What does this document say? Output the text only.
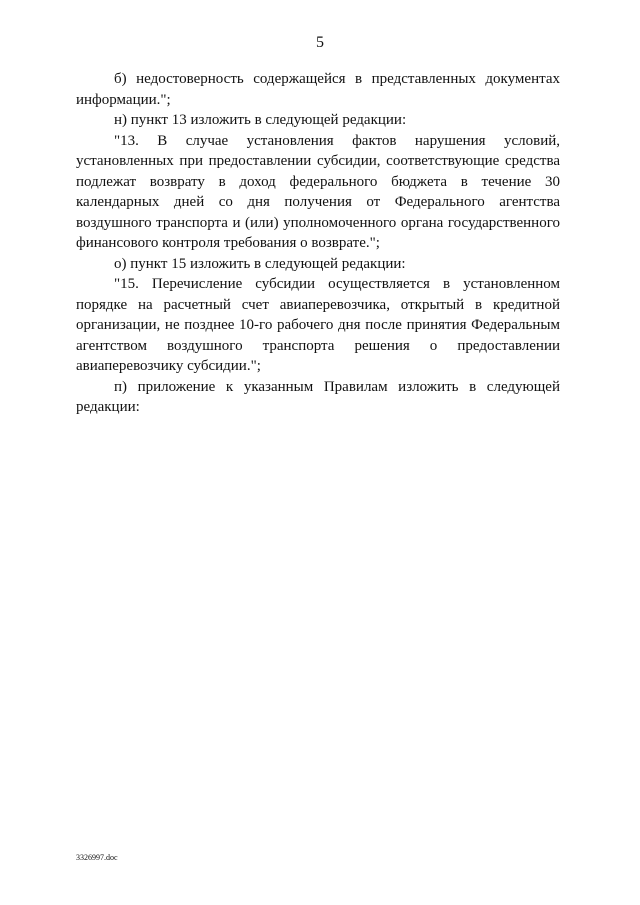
5

б) недостоверность содержащейся в представленных документах информации.";

н) пункт 13 изложить в следующей редакции:

"13. В случае установления фактов нарушения условий, установленных при предоставлении субсидии, соответствующие средства подлежат возврату в доход федерального бюджета в течение 30 календарных дней со дня получения от Федерального агентства воздушного транспорта и (или) уполномоченного органа государственного финансового контроля требования о возврате.";

о) пункт 15 изложить в следующей редакции:

"15. Перечисление субсидии осуществляется в установленном порядке на расчетный счет авиаперевозчика, открытый в кредитной организации, не позднее 10-го рабочего дня после принятия Федеральным агентством воздушного транспорта решения о предоставлении авиаперевозчику субсидии.";

п) приложение к указанным Правилам изложить в следующей редакции:

3326997.doc
